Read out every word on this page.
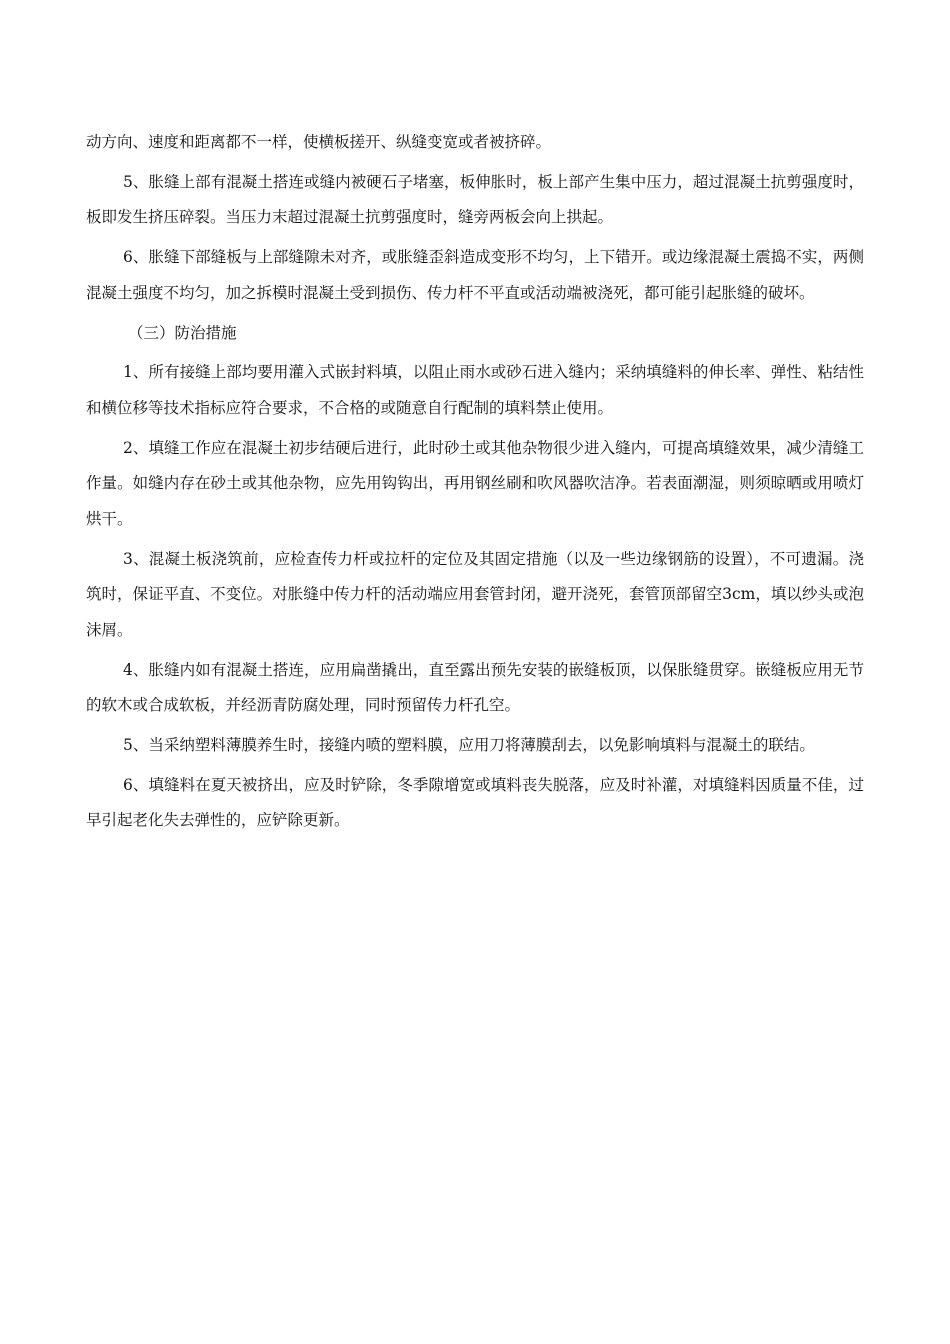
动方向、速度和距离都不一样，使横板搓开、纵缝变宽或者被挤碎。

5、胀缝上部有混凝土搭连或缝内被硬石子堵塞，板伸胀时，板上部产生集中压力，超过混凝土抗剪强度时，板即发生挤压碎裂。当压力末超过混凝土抗剪强度时，缝旁两板会向上拱起。

6、胀缝下部缝板与上部缝隙未对齐，或胀缝歪斜造成变形不均匀，上下错开。或边缘混凝土震捣不实，两侧混凝土强度不均匀，加之拆模时混凝土受到损伤、传力杆不平直或活动端被浇死，都可能引起胀缝的破坏。

（三）防治措施

1、所有接缝上部均要用灌入式嵌封料填，以阻止雨水或砂石进入缝内；采纳填缝料的伸长率、弹性、粘结性和横位移等技术指标应符合要求，不合格的或随意自行配制的填料禁止使用。

2、填缝工作应在混凝土初步结硬后进行，此时砂土或其他杂物很少进入缝内，可提高填缝效果，减少清缝工作量。如缝内存在砂土或其他杂物，应先用钩钩出，再用钢丝刷和吹风器吹洁净。若表面潮湿，则须晾晒或用喷灯烘干。

3、混凝土板浇筑前，应检查传力杆或拉杆的定位及其固定措施（以及一些边缘钢筋的设置），不可遗漏。浇筑时，保证平直、不变位。对胀缝中传力杆的活动端应用套管封闭，避开浇死，套管顶部留空3cm，填以纱头或泡沫屑。

4、胀缝内如有混凝土搭连，应用扁凿撬出，直至露出预先安装的嵌缝板顶，以保胀缝贯穿。嵌缝板应用无节的软木或合成软板，并经沥青防腐处理，同时预留传力杆孔空。

5、当采纳塑料薄膜养生时，接缝内喷的塑料膜，应用刀将薄膜刮去，以免影响填料与混凝土的联结。

6、填缝料在夏天被挤出，应及时铲除，冬季隙增宽或填料丧失脱落，应及时补灌，对填缝料因质量不佳，过早引起老化失去弹性的，应铲除更新。
